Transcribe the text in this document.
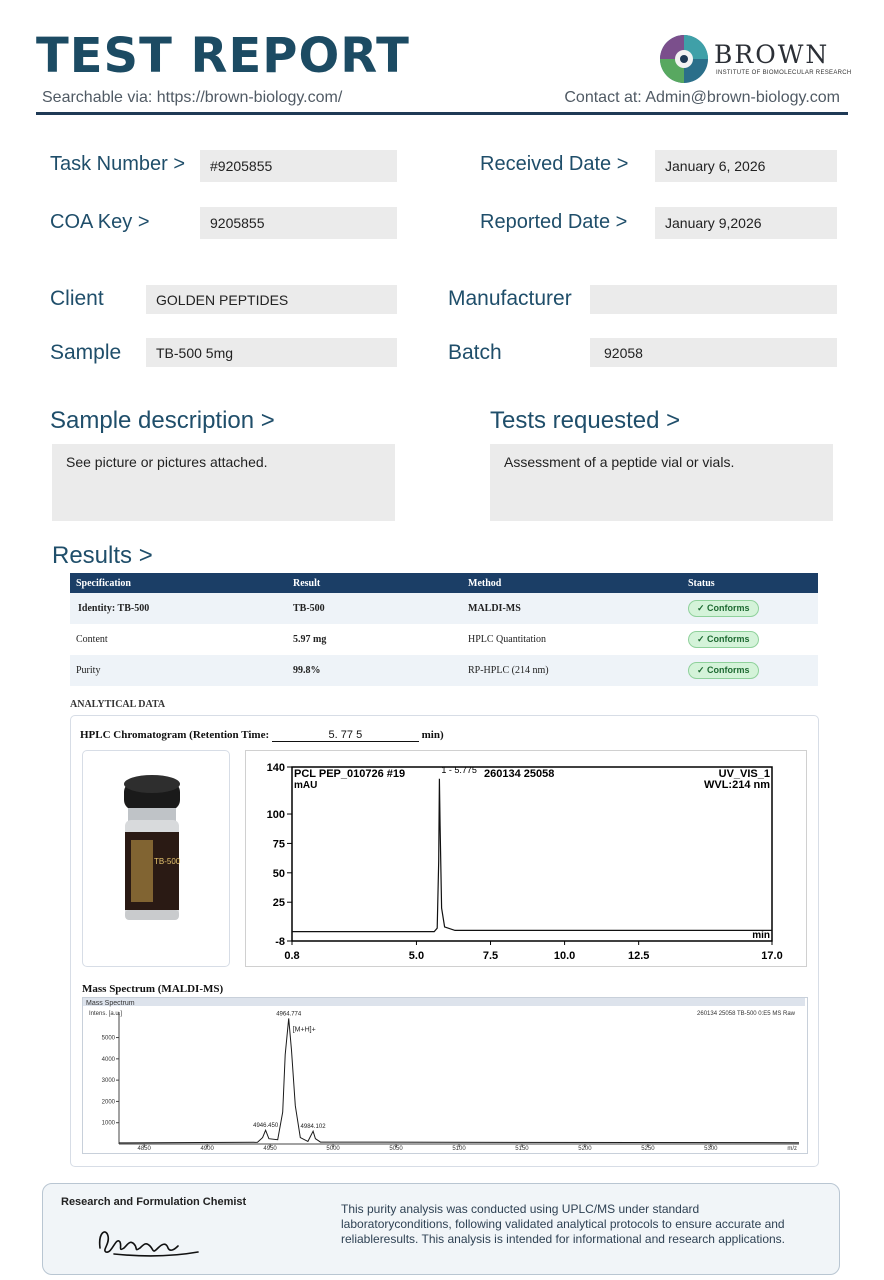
TEST REPORT
Searchable via: https://brown-biology.com/	Contact at: Admin@brown-biology.com
BROWN
INSTITUTE OF BIOMOLECULAR RESEARCH
Task Number >	#9205855	Received Date >	January 6, 2026
COA Key >	9205855	Reported Date >	January 9,2026
Client	GOLDEN PEPTIDES	Manufacturer
Sample	TB-500 5mg	Batch	92058
Sample description >
See picture or pictures attached.
Tests requested >
Assessment of a peptide vial or vials.
Results >
Specification	Result	Method	Status
Identity: TB-500	TB-500	MALDI-MS	✓ Conforms
Content	5.97 mg	HPLC Quantitation	✓ Conforms
Purity	99.8%	RP-HPLC (214 nm)	✓ Conforms
ANALYTICAL DATA
HPLC Chromatogram (Retention Time:	5. 77 5	min)
TB-500
140
100
75
50
25
-8
0.8	5.0	7.5	10.0	12.5	17.0
PCL PEP_010726 #19
mAU
260134 25058	UV_VIS_1
WVL:214 nm
min
1 - 5.775
Mass Spectrum (MALDI-MS)
Mass Spectrum
Intens. [a.u.]
1000
2000
3000
4000
5000
4850	4900	4950	5000	5050	5100	5150	5200	5250	5300	m/z
260134 25058 TB-500 0:E5 MS Raw
4946.450
4964.774
4984.102
[M+H]+
Research and Formulation Chemist	This purity analysis was conducted using UPLC/MS under standard laboratoryconditions, following validated analytical protocols to ensure accurate and reliableresults. This analysis is intended for informational and research applications.
